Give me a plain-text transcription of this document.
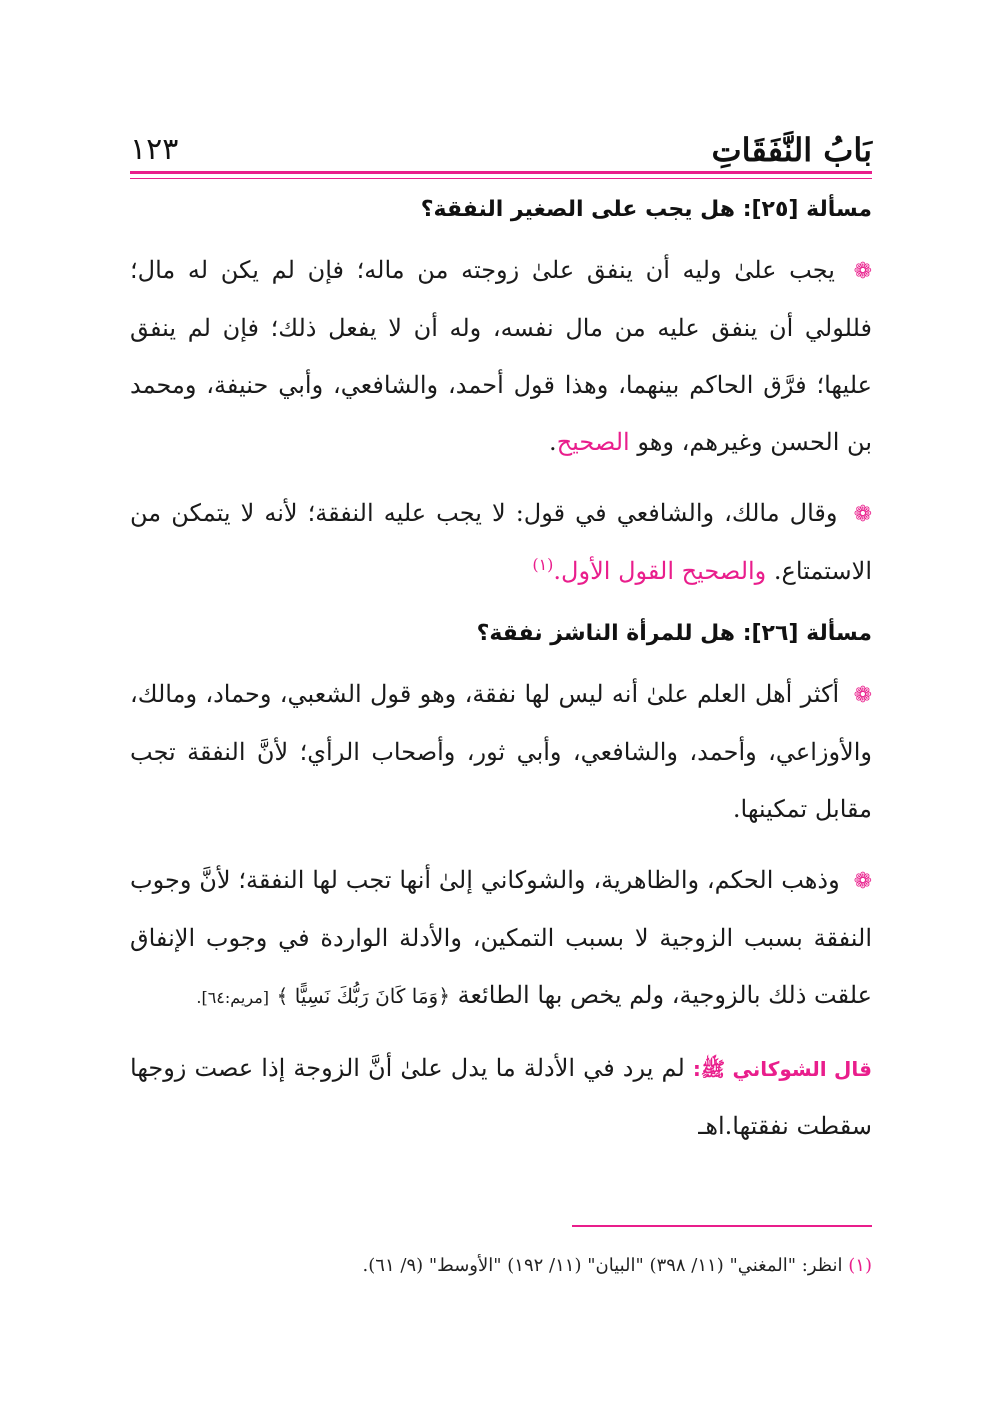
بَابُ النَّفَقَاتِ
١٢٣
مسألة [٢٥]: هل يجب على الصغير النفقة؟

❁ يجب علىٰ وليه أن ينفق علىٰ زوجته من ماله؛ فإن لم يكن له مال؛ فللولي أن ينفق عليه من مال نفسه، وله أن لا يفعل ذلك؛ فإن لم ينفق عليها؛ فرَّق الحاكم بينهما، وهذا قول أحمد، والشافعي، وأبي حنيفة، ومحمد بن الحسن وغيرهم، وهو الصحيح.

❁ وقال مالك، والشافعي في قول: لا يجب عليه النفقة؛ لأنه لا يتمكن من الاستمتاع. والصحيح القول الأول.$^{(١)}$

مسألة [٢٦]: هل للمرأة الناشز نفقة؟

❁ أكثر أهل العلم علىٰ أنه ليس لها نفقة، وهو قول الشعبي، وحماد، ومالك، والأوزاعي، وأحمد، والشافعي، وأبي ثور، وأصحاب الرأي؛ لأنَّ النفقة تجب مقابل تمكينها.

❁ وذهب الحكم، والظاهرية، والشوكاني إلىٰ أنها تجب لها النفقة؛ لأنَّ وجوب النفقة بسبب الزوجية لا بسبب التمكين، والأدلة الواردة في وجوب الإنفاق علقت ذلك بالزوجية، ولم يخص بها الطائعة ﴿وَمَا كَانَ رَبُّكَ نَسِيًّا ﴾ [مريم:٦٤].

قال الشوكاني ﷺ: لم يرد في الأدلة ما يدل علىٰ أنَّ الزوجة إذا عصت زوجها سقطت نفقتها.اهـ

(١) انظر: "المغني" (١١/ ٣٩٨) "البيان" (١١/ ١٩٢) "الأوسط" (٩/ ٦١).
